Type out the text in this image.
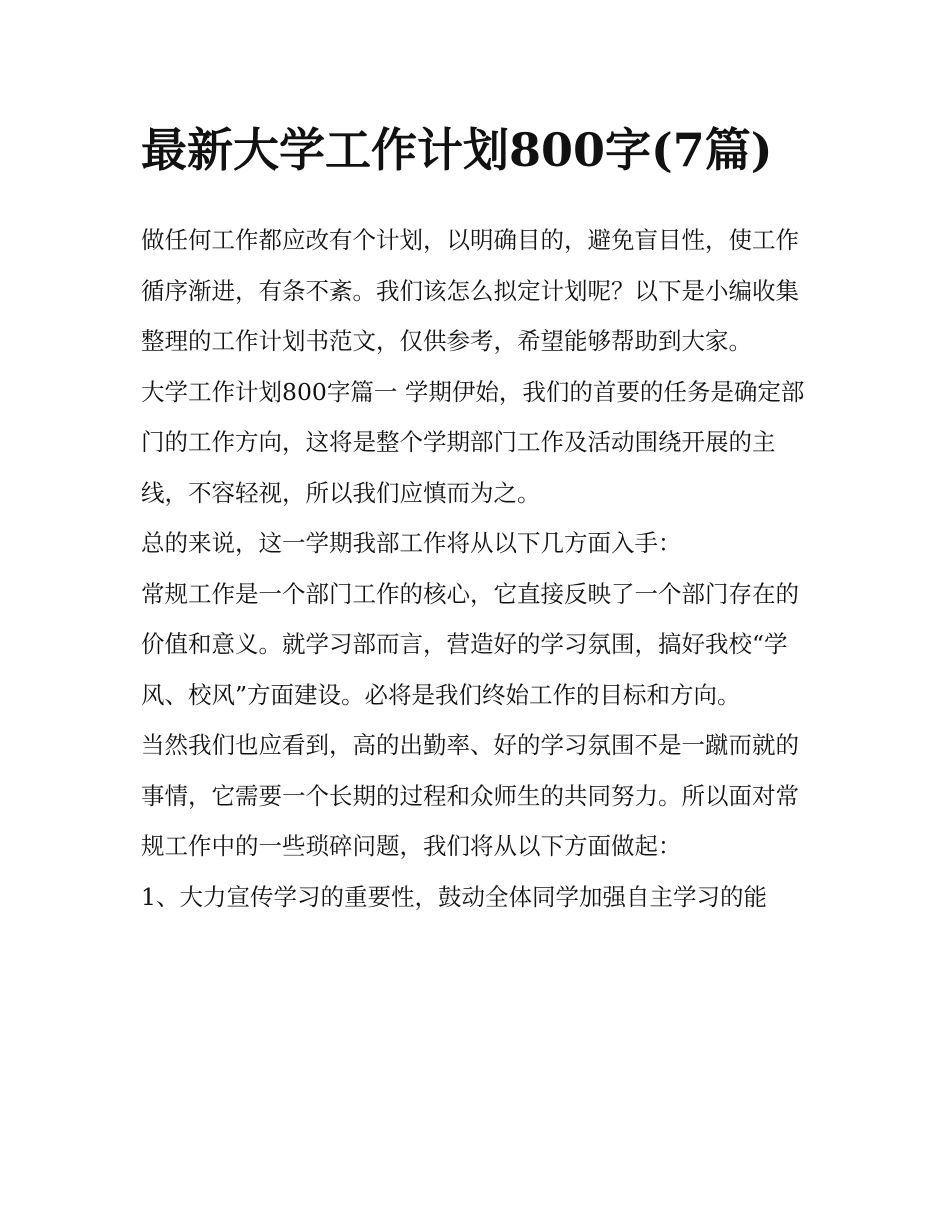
最新大学工作计划800字(7篇)

做任何工作都应改有个计划，以明确目的，避免盲目性，使工作循序渐进，有条不紊。我们该怎么拟定计划呢？以下是小编收集整理的工作计划书范文，仅供参考，希望能够帮助到大家。

大学工作计划800字篇一 学期伊始，我们的首要的任务是确定部门的工作方向，这将是整个学期部门工作及活动围绕开展的主线，不容轻视，所以我们应慎而为之。

总的来说，这一学期我部工作将从以下几方面入手：

常规工作是一个部门工作的核心，它直接反映了一个部门存在的价值和意义。就学习部而言，营造好的学习氛围，搞好我校“学风、校风”方面建设。必将是我们终始工作的目标和方向。

当然我们也应看到，高的出勤率、好的学习氛围不是一蹴而就的事情，它需要一个长期的过程和众师生的共同努力。所以面对常规工作中的一些琐碎问题，我们将从以下方面做起：

1、大力宣传学习的重要性，鼓动全体同学加强自主学习的能
